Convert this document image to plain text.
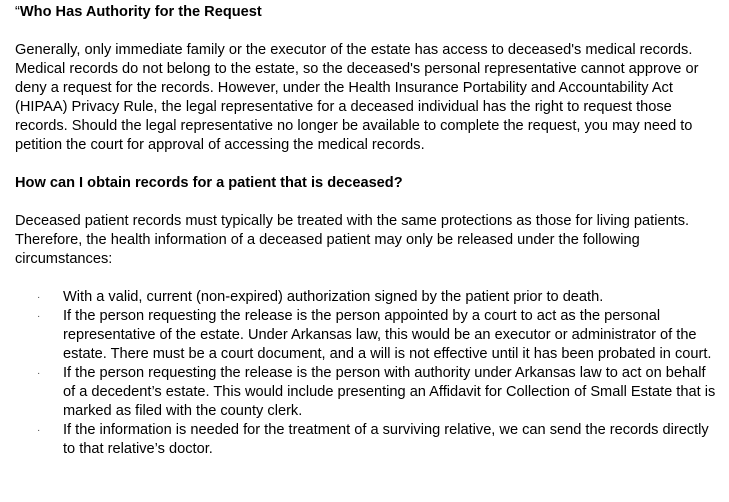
“Who Has Authority for the Request

Generally, only immediate family or the executor of the estate has access to deceased's medical records. Medical records do not belong to the estate, so the deceased's personal representative cannot approve or deny a request for the records. However, under the Health Insurance Portability and Accountability Act (HIPAA) Privacy Rule, the legal representative for a deceased individual has the right to request those records. Should the legal representative no longer be available to complete the request, you may need to petition the court for approval of accessing the medical records.

How can I obtain records for a patient that is deceased?

Deceased patient records must typically be treated with the same protections as those for living patients. Therefore, the health information of a deceased patient may only be released under the following circumstances:

· With a valid, current (non-expired) authorization signed by the patient prior to death.
· If the person requesting the release is the person appointed by a court to act as the personal representative of the estate. Under Arkansas law, this would be an executor or administrator of the estate. There must be a court document, and a will is not effective until it has been probated in court.
· If the person requesting the release is the person with authority under Arkansas law to act on behalf of a decedent’s estate. This would include presenting an Affidavit for Collection of Small Estate that is marked as filed with the county clerk.
· If the information is needed for the treatment of a surviving relative, we can send the records directly to that relative’s doctor.
